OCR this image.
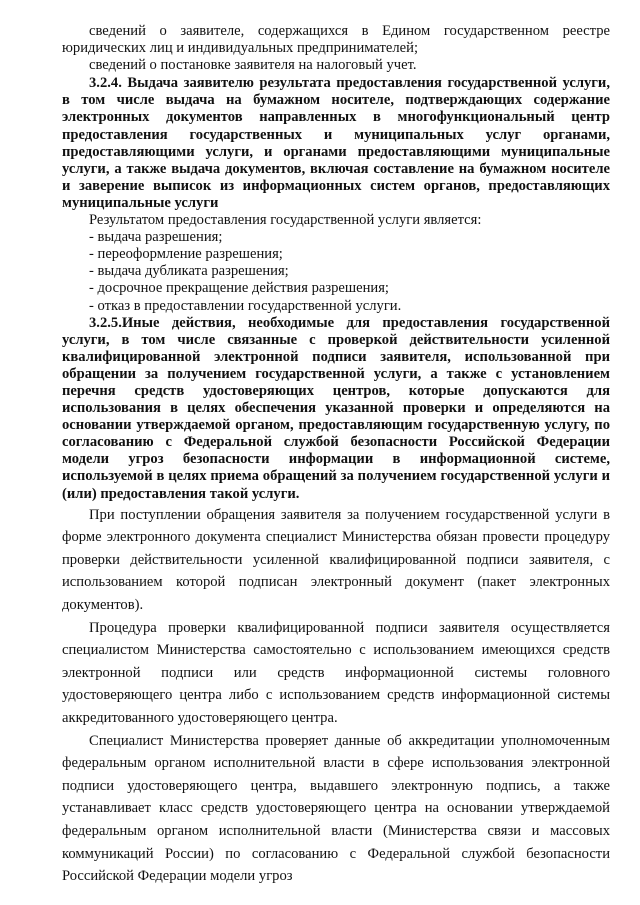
сведений о заявителе, содержащихся в Едином государственном реестре юридических лиц и индивидуальных предпринимателей;

сведений о постановке заявителя на налоговый учет.

3.2.4. Выдача заявителю результата предоставления государственной услуги, в том числе выдача на бумажном носителе, подтверждающих содержание электронных документов направленных в многофункциональный центр предоставления государственных и муниципальных услуг органами, предоставляющими услуги, и органами предоставляющими муниципальные услуги, а также выдача документов, включая составление на бумажном носителе и заверение выписок из информационных систем органов, предоставляющих муниципальные услуги

Результатом предоставления государственной услуги является:

- выдача разрешения;

- переоформление разрешения;

- выдача дубликата разрешения;

- досрочное прекращение действия разрешения;

- отказ в предоставлении государственной услуги.

3.2.5.Иные действия, необходимые для предоставления государственной услуги, в том числе связанные с проверкой действительности усиленной квалифицированной электронной подписи заявителя, использованной при обращении за получением государственной услуги, а также с установлением перечня средств удостоверяющих центров, которые допускаются для использования в целях обеспечения указанной проверки и определяются на основании утверждаемой органом, предоставляющим государственную услугу, по согласованию с Федеральной службой безопасности Российской Федерации модели угроз безопасности информации в информационной системе, используемой в целях приема обращений за получением государственной услуги и (или) предоставления такой услуги.

При поступлении обращения заявителя за получением государственной услуги в форме электронного документа специалист Министерства обязан провести процедуру проверки действительности усиленной квалифицированной подписи заявителя, с использованием которой подписан электронный документ (пакет электронных документов).

Процедура проверки квалифицированной подписи заявителя осуществляется специалистом Министерства самостоятельно с использованием имеющихся средств электронной подписи или средств информационной системы головного удостоверяющего центра либо с использованием средств информационной системы аккредитованного удостоверяющего центра.

Специалист Министерства проверяет данные об аккредитации уполномоченным федеральным органом исполнительной власти в сфере использования электронной подписи удостоверяющего центра, выдавшего электронную подпись, а также устанавливает класс средств удостоверяющего центра на основании утверждаемой федеральным органом исполнительной власти (Министерства связи и массовых коммуникаций России) по согласованию с Федеральной службой безопасности Российской Федерации модели угроз
